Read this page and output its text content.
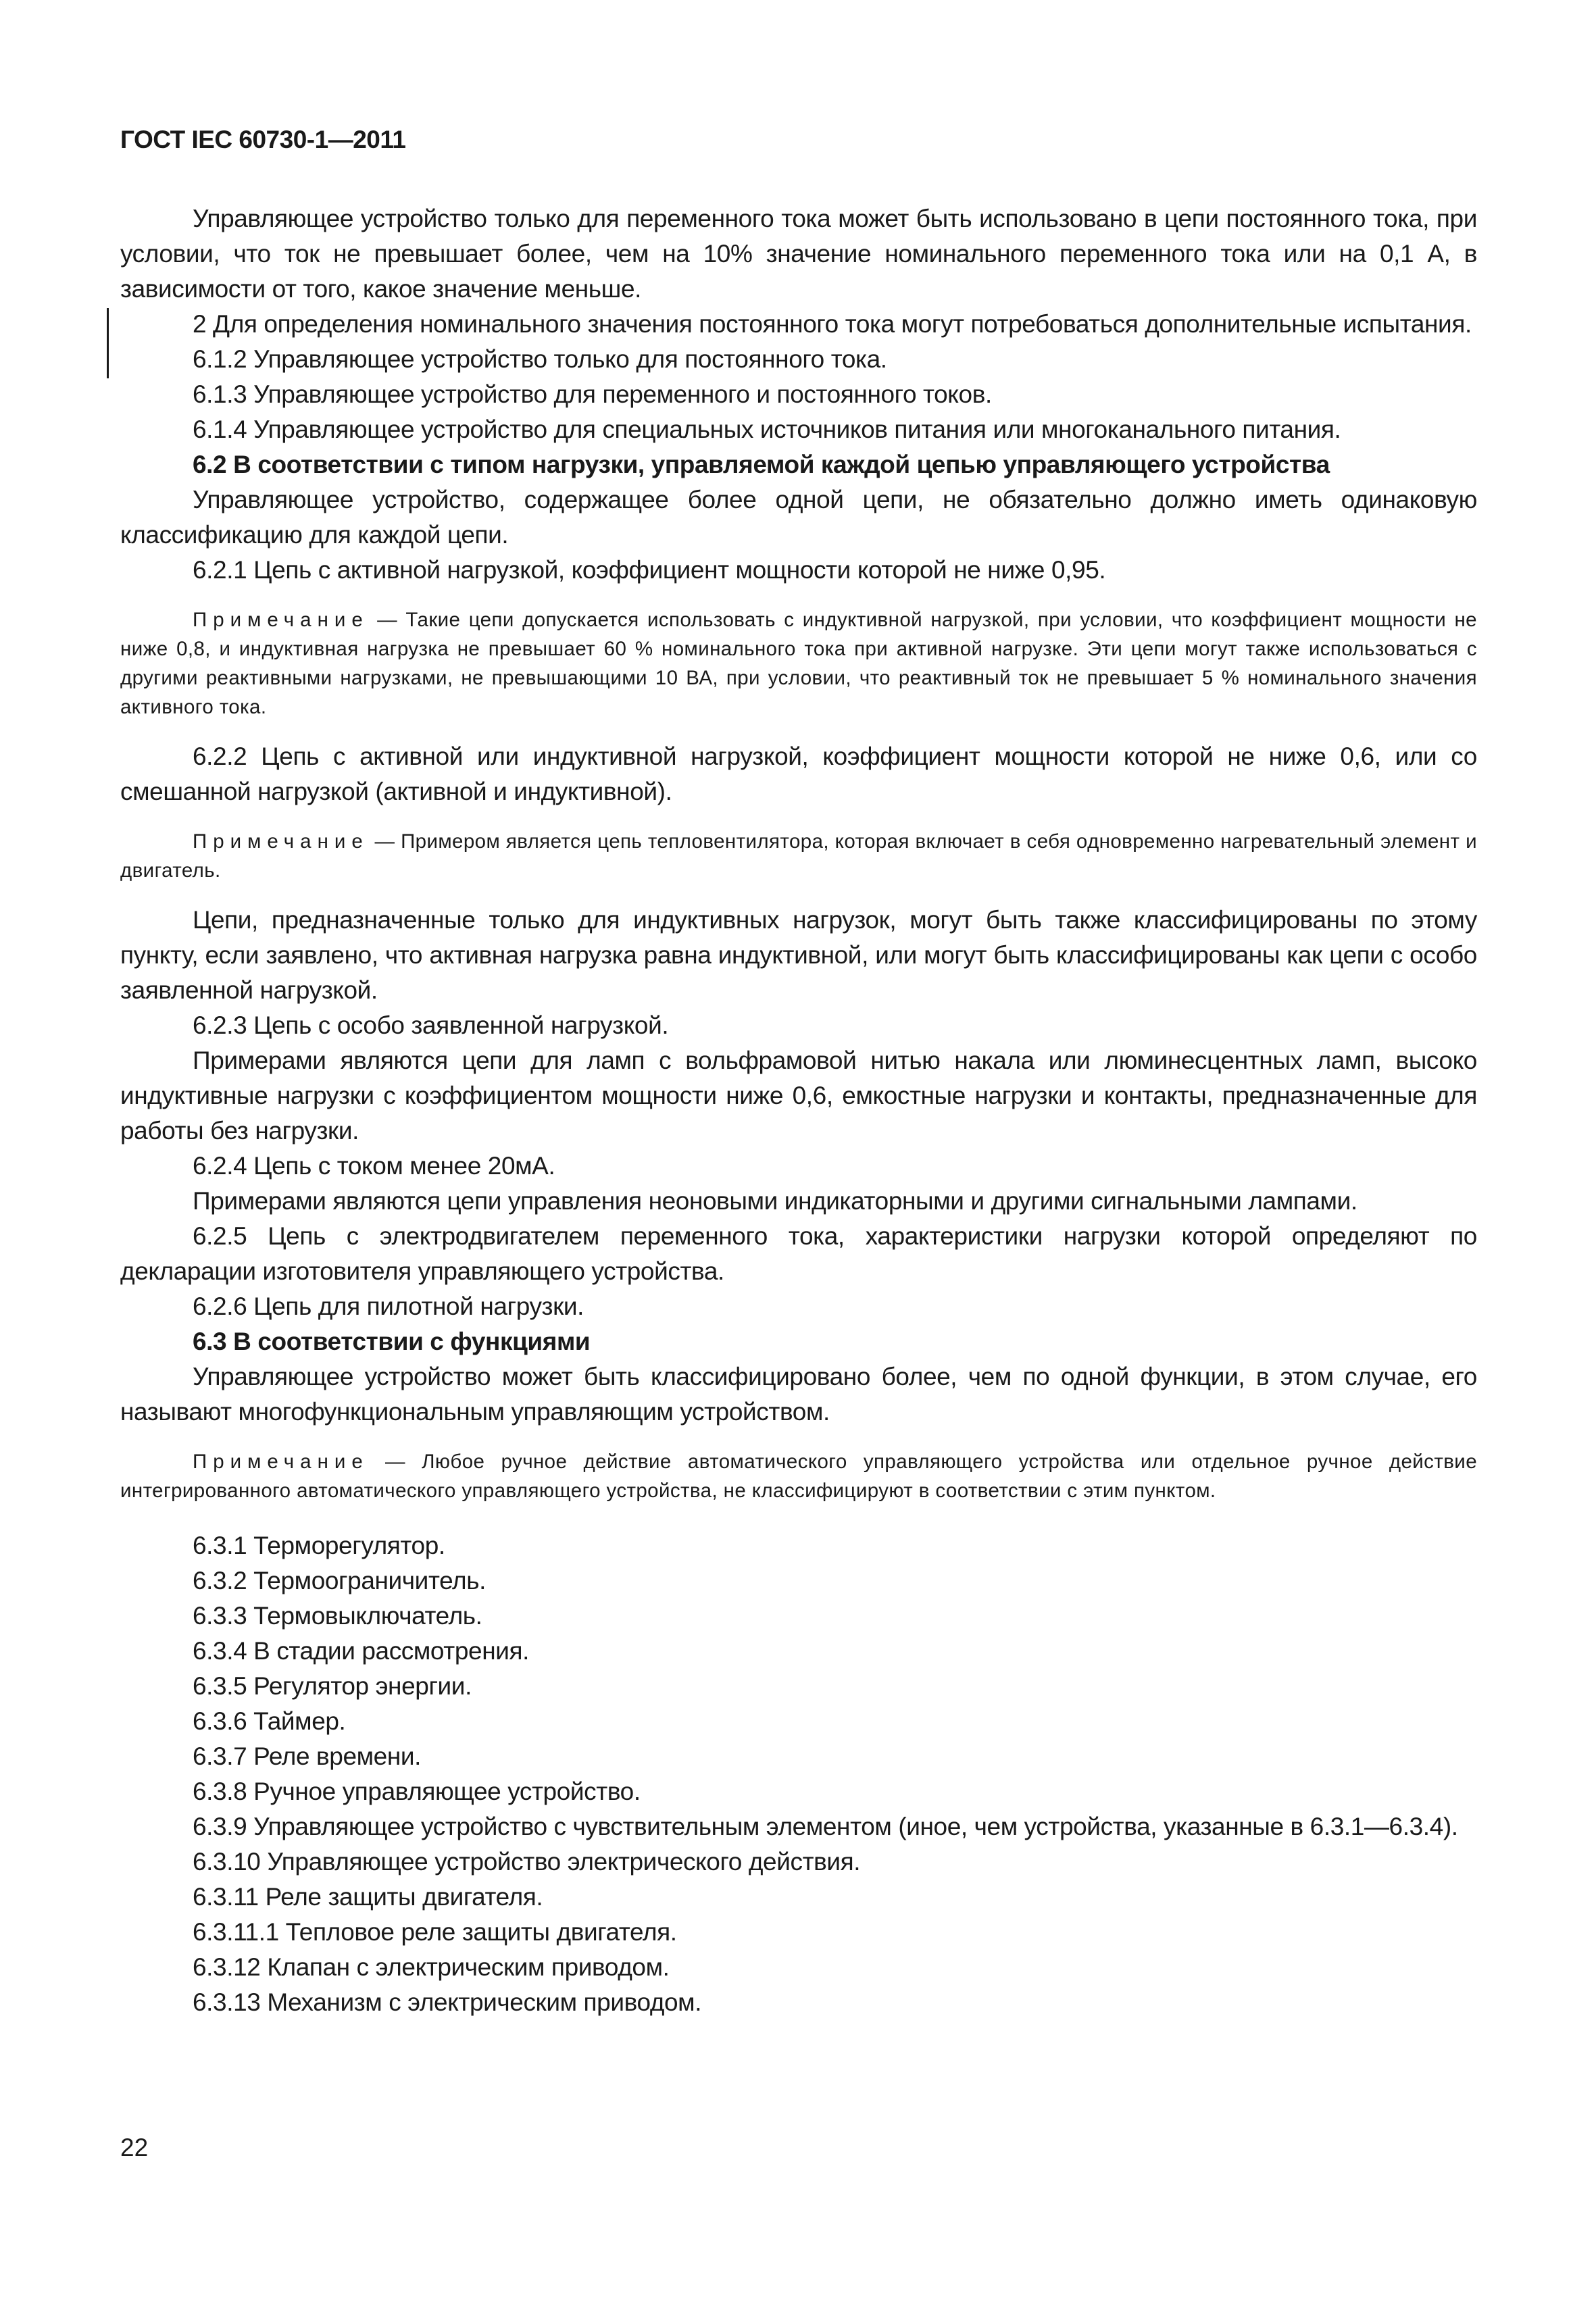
ГОСТ IEC 60730-1—2011

Управляющее устройство только для переменного тока может быть использовано в цепи постоянного тока, при условии, что ток не превышает более, чем на 10% значение номинального переменного тока или на 0,1 А, в зависимости от того, какое значение меньше.

2 Для определения номинального значения постоянного тока могут потребоваться дополнительные испытания.

6.1.2 Управляющее устройство только для постоянного тока.

6.1.3 Управляющее устройство для переменного и постоянного токов.

6.1.4 Управляющее устройство для специальных источников питания или многоканального питания.

6.2 В соответствии с типом нагрузки, управляемой каждой цепью управляющего устройства

Управляющее устройство, содержащее более одной цепи, не обязательно должно иметь одинаковую классификацию для каждой цепи.

6.2.1 Цепь с активной нагрузкой, коэффициент мощности которой не ниже 0,95.

Примечание — Такие цепи допускается использовать с индуктивной нагрузкой, при условии, что коэффициент мощности не ниже 0,8, и индуктивная нагрузка не превышает 60 % номинального тока при активной нагрузке. Эти цепи могут также использоваться с другими реактивными нагрузками, не превышающими 10 ВА, при условии, что реактивный ток не превышает 5 % номинального значения активного тока.

6.2.2 Цепь с активной или индуктивной нагрузкой, коэффициент мощности которой не ниже 0,6, или со смешанной нагрузкой (активной и индуктивной).

Примечание — Примером является цепь тепловентилятора, которая включает в себя одновременно нагревательный элемент и двигатель.

Цепи, предназначенные только для индуктивных нагрузок, могут быть также классифицированы по этому пункту, если заявлено, что активная нагрузка равна индуктивной, или могут быть классифицированы как цепи с особо заявленной нагрузкой.

6.2.3 Цепь с особо заявленной нагрузкой.

Примерами являются цепи для ламп с вольфрамовой нитью накала или люминесцентных ламп, высоко индуктивные нагрузки с коэффициентом мощности ниже 0,6, емкостные нагрузки и контакты, предназначенные для работы без нагрузки.

6.2.4 Цепь с током менее 20мА.

Примерами являются цепи управления неоновыми индикаторными и другими сигнальными лампами.

6.2.5 Цепь с электродвигателем переменного тока, характеристики нагрузки которой определяют по декларации изготовителя управляющего устройства.

6.2.6 Цепь для пилотной нагрузки.

6.3 В соответствии с функциями

Управляющее устройство может быть классифицировано более, чем по одной функции, в этом случае, его называют многофункциональным управляющим устройством.

Примечание — Любое ручное действие автоматического управляющего устройства или отдельное ручное действие интегрированного автоматического управляющего устройства, не классифицируют в соответствии с этим пунктом.

6.3.1 Терморегулятор.

6.3.2 Термоограничитель.

6.3.3 Термовыключатель.

6.3.4 В стадии рассмотрения.

6.3.5 Регулятор энергии.

6.3.6 Таймер.

6.3.7 Реле времени.

6.3.8 Ручное управляющее устройство.

6.3.9 Управляющее устройство с чувствительным элементом (иное, чем устройства, указанные в 6.3.1—6.3.4).

6.3.10 Управляющее устройство электрического действия.

6.3.11 Реле защиты двигателя.

6.3.11.1 Тепловое реле защиты двигателя.

6.3.12 Клапан с электрическим приводом.

6.3.13 Механизм с электрическим приводом.

22
